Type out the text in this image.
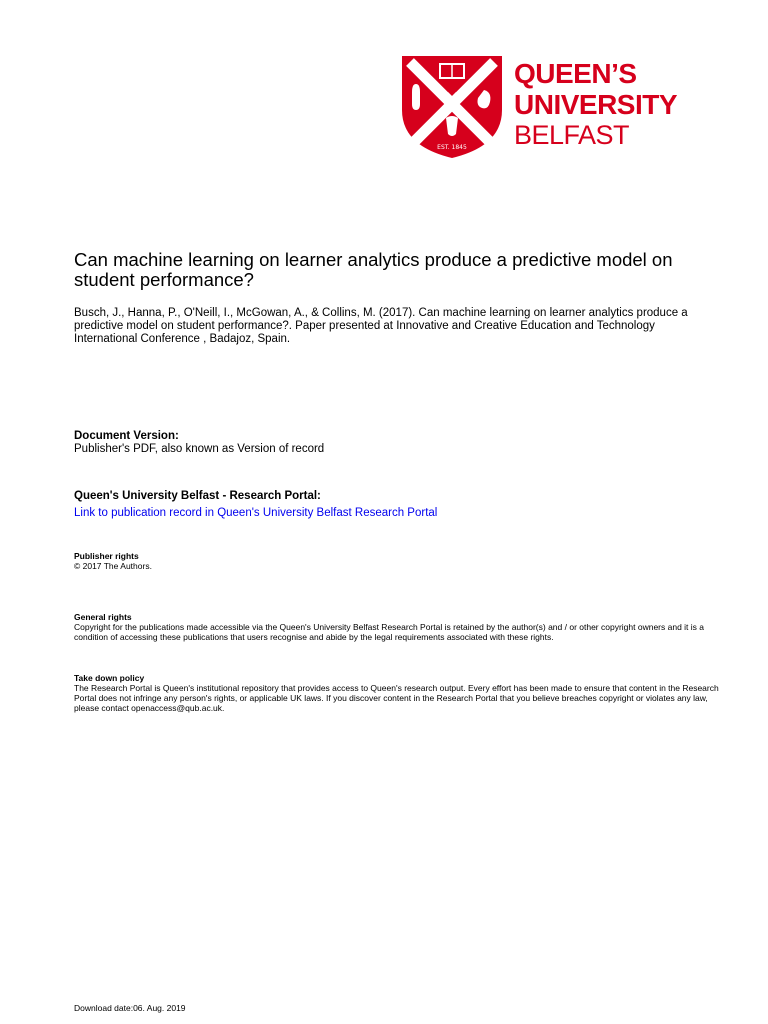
EST. 1845
QUEEN’S
UNIVERSITY
BELFAST
Can machine learning on learner analytics produce a predictive model on student performance?

Busch, J., Hanna, P., O'Neill, I., McGowan, A., & Collins, M. (2017). Can machine learning on learner analytics produce a predictive model on student performance?. Paper presented at Innovative and Creative Education and Technology International Conference , Badajoz, Spain.

Document Version:
Publisher's PDF, also known as Version of record
Queen's University Belfast - Research Portal:
Link to publication record in Queen's University Belfast Research Portal
Publisher rights
© 2017 The Authors.
General rights
Copyright for the publications made accessible via the Queen's University Belfast Research Portal is retained by the author(s) and / or other copyright owners and it is a condition of accessing these publications that users recognise and abide by the legal requirements associated with these rights.
Take down policy
The Research Portal is Queen's institutional repository that provides access to Queen's research output. Every effort has been made to ensure that content in the Research Portal does not infringe any person's rights, or applicable UK laws. If you discover content in the Research Portal that you believe breaches copyright or violates any law, please contact openaccess@qub.ac.uk.
Download date:06. Aug. 2019
